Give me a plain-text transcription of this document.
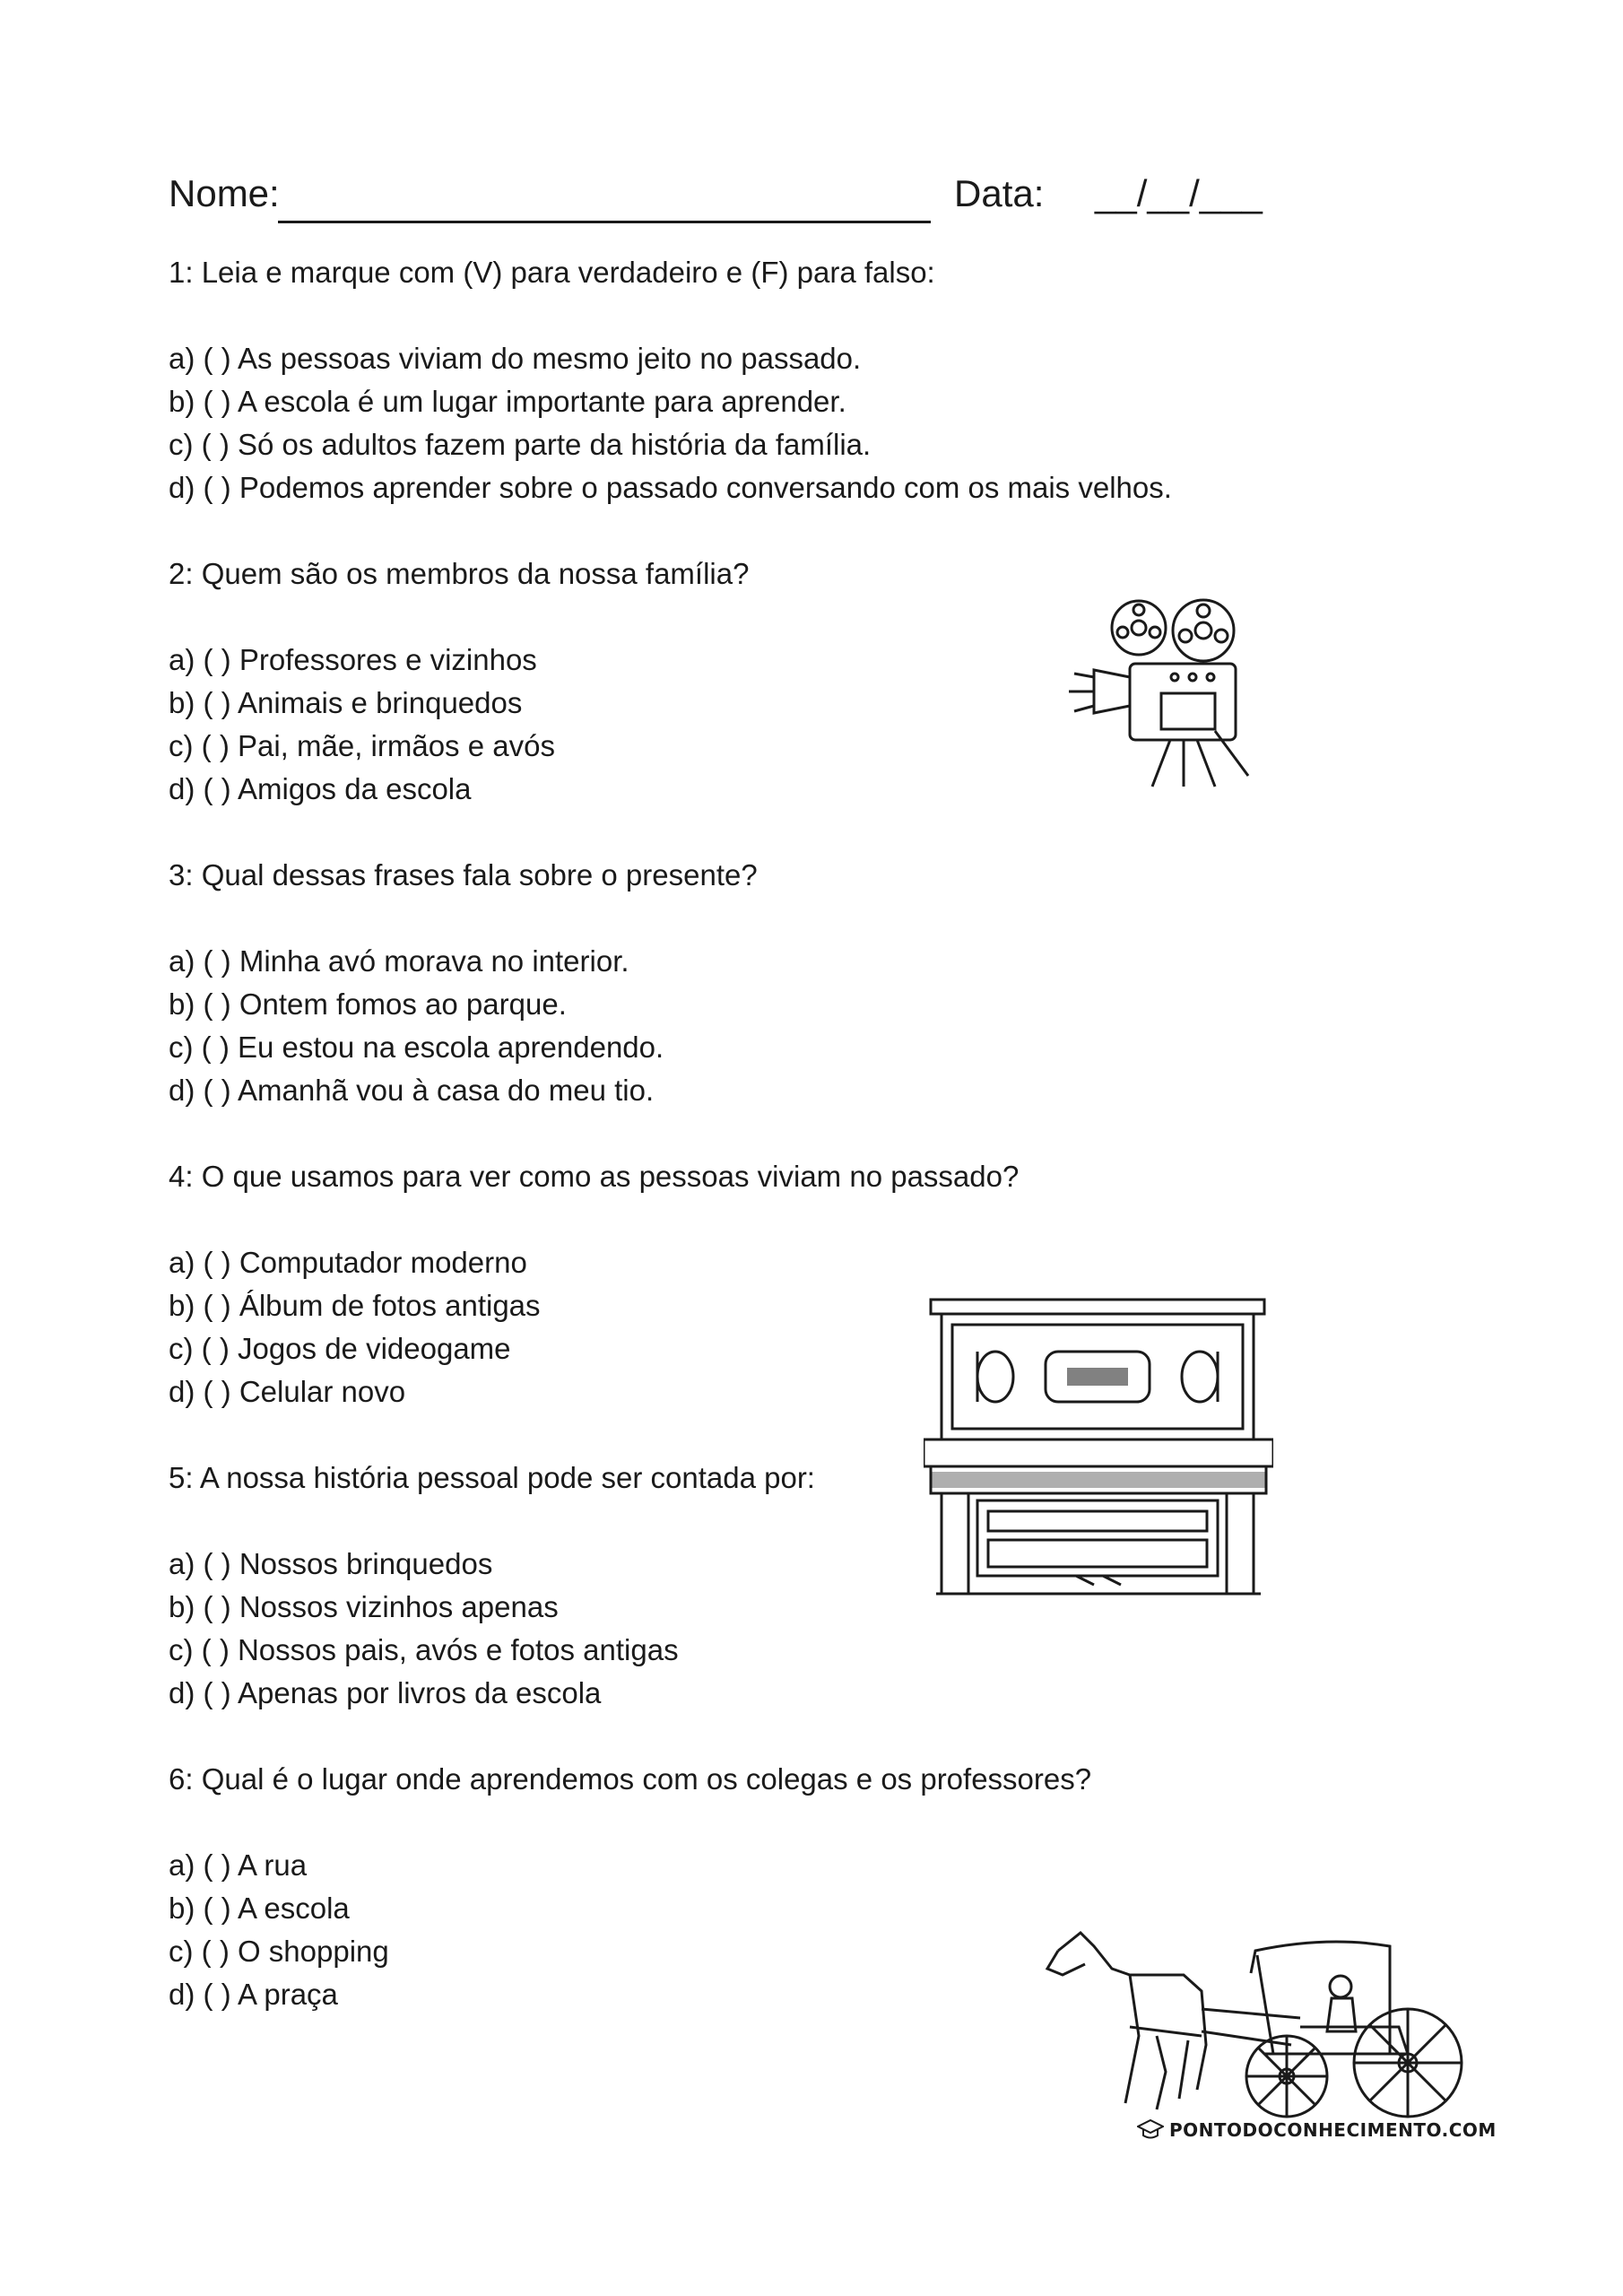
Nome:	Data: __/__/___

1: Leia e marque com (V) para verdadeiro e (F) para falso:

a) ( ) As pessoas viviam do mesmo jeito no passado.

b) ( ) A escola é um lugar importante para aprender.

c) ( ) Só os adultos fazem parte da história da família.

d) ( ) Podemos aprender sobre o passado conversando com os mais velhos.

2: Quem são os membros da nossa família?

a) ( ) Professores e vizinhos

b) ( ) Animais e brinquedos

c) ( ) Pai, mãe, irmãos e avós

d) ( ) Amigos da escola

3: Qual dessas frases fala sobre o presente?

a) ( ) Minha avó morava no interior.

b) ( ) Ontem fomos ao parque.

c) ( ) Eu estou na escola aprendendo.

d) ( ) Amanhã vou à casa do meu tio.

4: O que usamos para ver como as pessoas viviam no passado?

a) ( ) Computador moderno

b) ( ) Álbum de fotos antigas

c) ( ) Jogos de videogame

d) ( ) Celular novo

5: A nossa história pessoal pode ser contada por:

a) ( ) Nossos brinquedos

b) ( ) Nossos vizinhos apenas

c) ( ) Nossos pais, avós e fotos antigas

d) ( ) Apenas por livros da escola

6: Qual é o lugar onde aprendemos com os colegas e os professores?

a) ( ) A rua

b) ( ) A escola

c) ( ) O shopping

d) ( ) A praça

PONTODOCONHECIMENTO.COM
